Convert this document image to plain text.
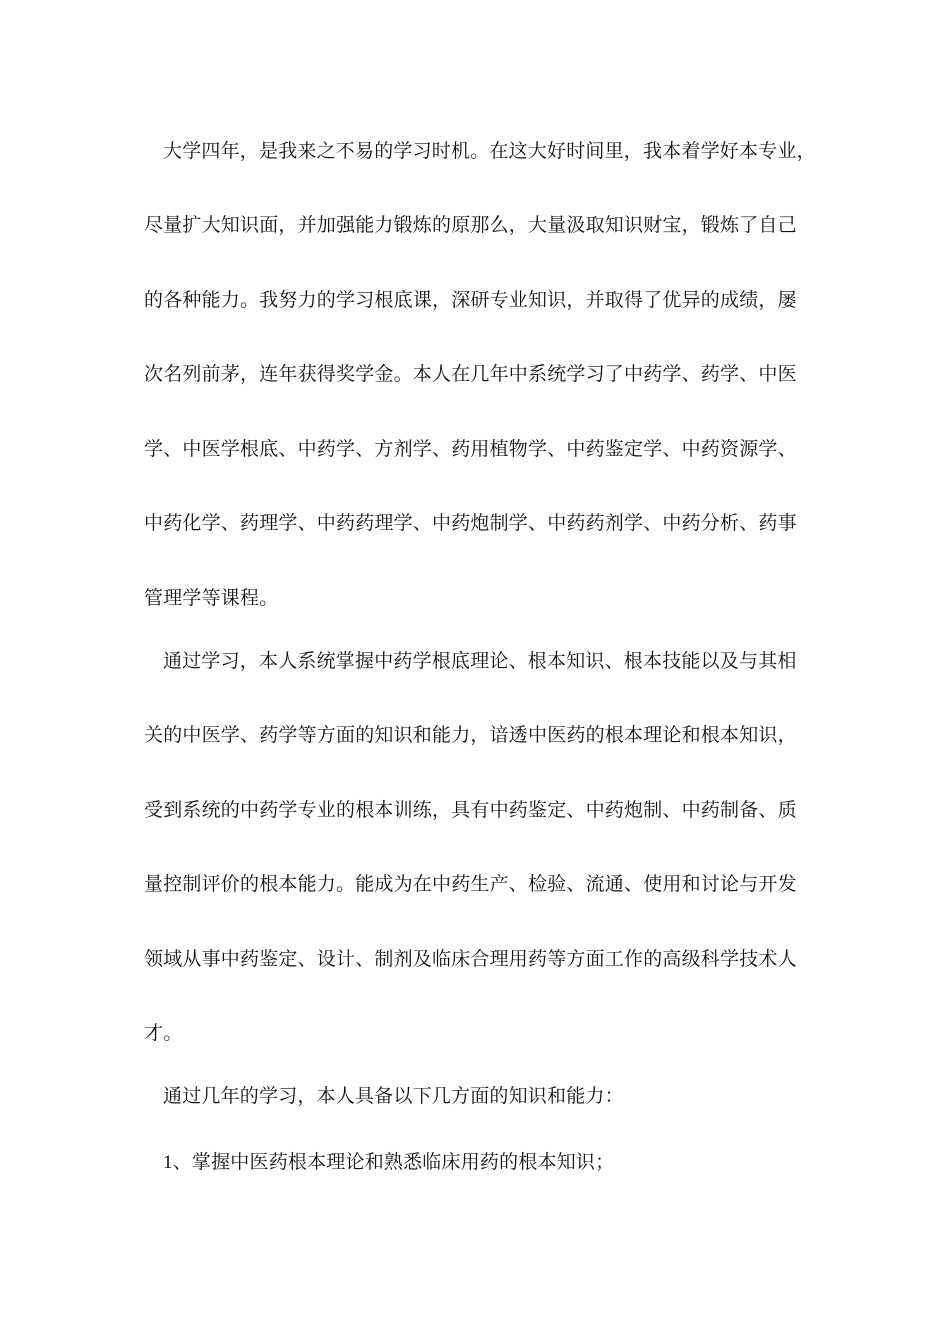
大学四年，是我来之不易的学习时机。在这大好时间里，我本着学好本专业，
尽量扩大知识面，并加强能力锻炼的原那么，大量汲取知识财宝，锻炼了自己
的各种能力。我努力的学习根底课，深研专业知识，并取得了优异的成绩，屡
次名列前茅，连年获得奖学金。本人在几年中系统学习了中药学、药学、中医
学、中医学根底、中药学、方剂学、药用植物学、中药鉴定学、中药资源学、
中药化学、药理学、中药药理学、中药炮制学、中药药剂学、中药分析、药事
管理学等课程。
通过学习，本人系统掌握中药学根底理论、根本知识、根本技能以及与其相
关的中医学、药学等方面的知识和能力，谙透中医药的根本理论和根本知识，
受到系统的中药学专业的根本训练，具有中药鉴定、中药炮制、中药制备、质
量控制评价的根本能力。能成为在中药生产、检验、流通、使用和讨论与开发
领域从事中药鉴定、设计、制剂及临床合理用药等方面工作的高级科学技术人
才。
通过几年的学习，本人具备以下几方面的知识和能力：
1、掌握中医药根本理论和熟悉临床用药的根本知识；
